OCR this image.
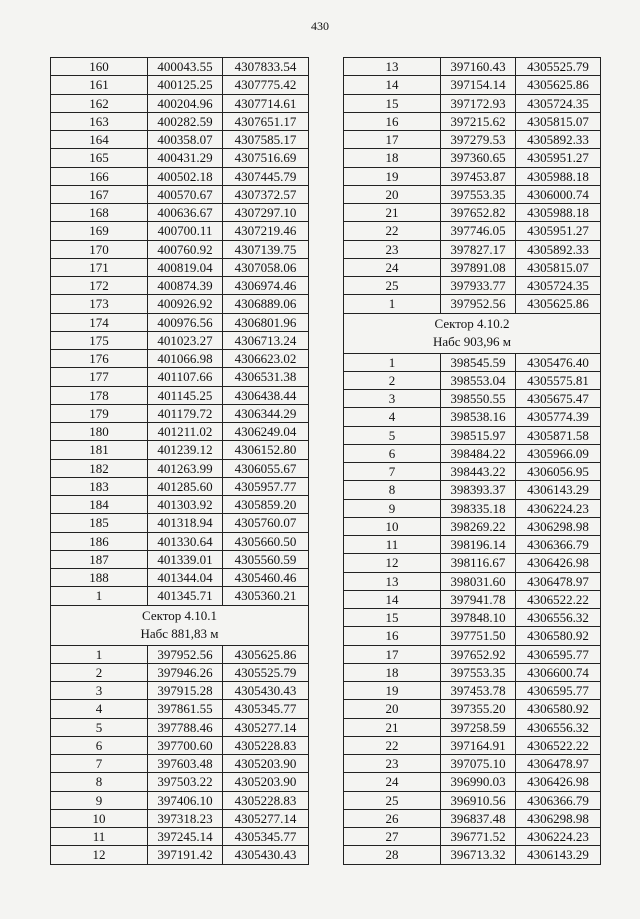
430
160	400043.55	4307833.54
161	400125.25	4307775.42
162	400204.96	4307714.61
163	400282.59	4307651.17
164	400358.07	4307585.17
165	400431.29	4307516.69
166	400502.18	4307445.79
167	400570.67	4307372.57
168	400636.67	4307297.10
169	400700.11	4307219.46
170	400760.92	4307139.75
171	400819.04	4307058.06
172	400874.39	4306974.46
173	400926.92	4306889.06
174	400976.56	4306801.96
175	401023.27	4306713.24
176	401066.98	4306623.02
177	401107.66	4306531.38
178	401145.25	4306438.44
179	401179.72	4306344.29
180	401211.02	4306249.04
181	401239.12	4306152.80
182	401263.99	4306055.67
183	401285.60	4305957.77
184	401303.92	4305859.20
185	401318.94	4305760.07
186	401330.64	4305660.50
187	401339.01	4305560.59
188	401344.04	4305460.46
1	401345.71	4305360.21

Сектор 4.10.1
Набс 881,83 м		

1	397952.56	4305625.86
2	397946.26	4305525.79
3	397915.28	4305430.43
4	397861.55	4305345.77
5	397788.46	4305277.14
6	397700.60	4305228.83
7	397603.48	4305203.90
8	397503.22	4305203.90
9	397406.10	4305228.83
10	397318.23	4305277.14
11	397245.14	4305345.77
12	397191.42	4305430.43
13	397160.43	4305525.79
14	397154.14	4305625.86
15	397172.93	4305724.35
16	397215.62	4305815.07
17	397279.53	4305892.33
18	397360.65	4305951.27
19	397453.87	4305988.18
20	397553.35	4306000.74
21	397652.82	4305988.18
22	397746.05	4305951.27
23	397827.17	4305892.33
24	397891.08	4305815.07
25	397933.77	4305724.35
1	397952.56	4305625.86

Сектор 4.10.2
Набс 903,96 м		

1	398545.59	4305476.40
2	398553.04	4305575.81
3	398550.55	4305675.47
4	398538.16	4305774.39
5	398515.97	4305871.58
6	398484.22	4305966.09
7	398443.22	4306056.95
8	398393.37	4306143.29
9	398335.18	4306224.23
10	398269.22	4306298.98
11	398196.14	4306366.79
12	398116.67	4306426.98
13	398031.60	4306478.97
14	397941.78	4306522.22
15	397848.10	4306556.32
16	397751.50	4306580.92
17	397652.92	4306595.77
18	397553.35	4306600.74
19	397453.78	4306595.77
20	397355.20	4306580.92
21	397258.59	4306556.32
22	397164.91	4306522.22
23	397075.10	4306478.97
24	396990.03	4306426.98
25	396910.56	4306366.79
26	396837.48	4306298.98
27	396771.52	4306224.23
28	396713.32	4306143.29
